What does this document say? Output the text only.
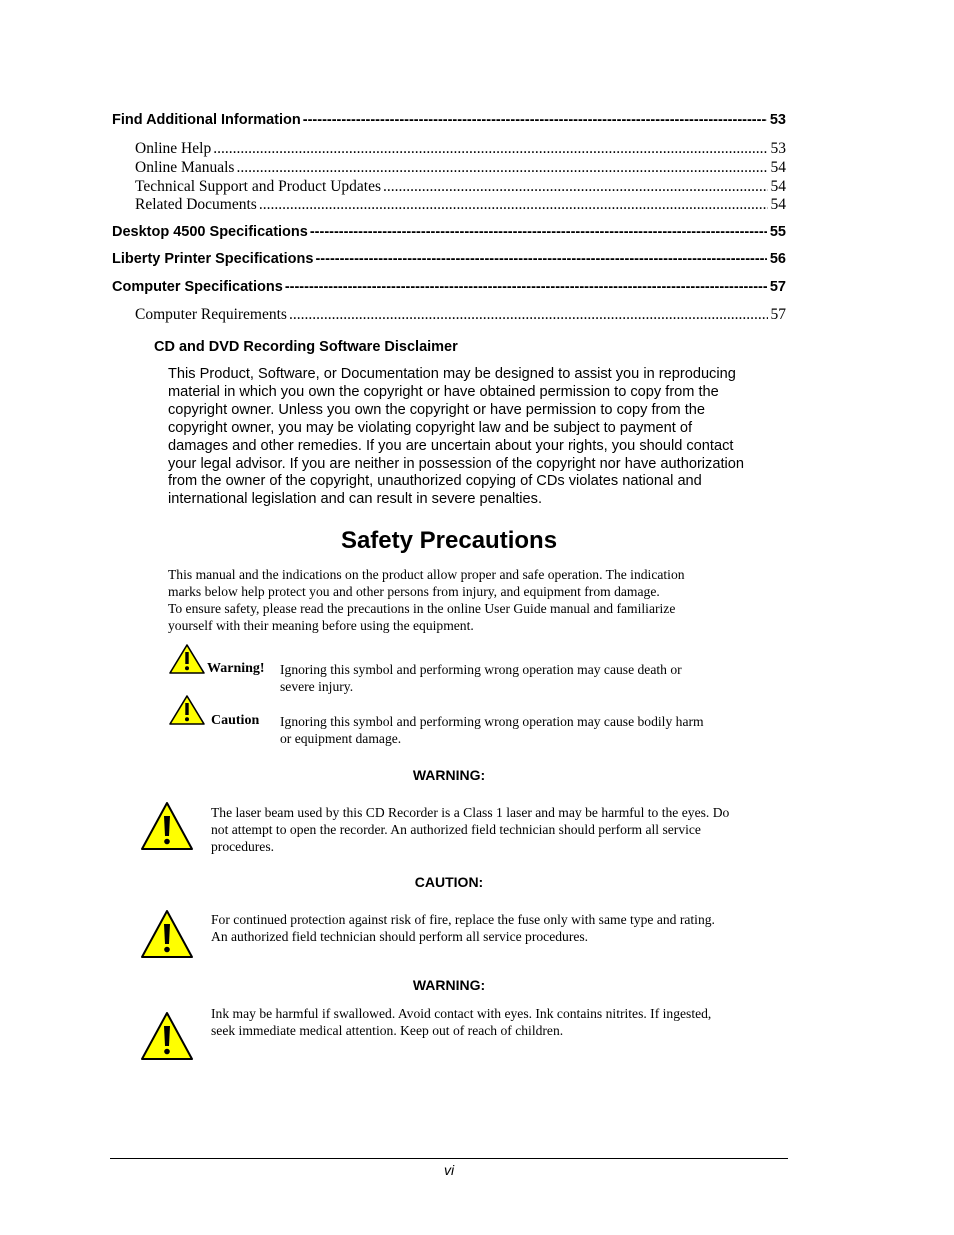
Find Additional Information -----	53
Online Help .....	53
Online Manuals .....	54
Technical Support and Product Updates .....	54
Related Documents .....	54
Desktop 4500 Specifications -----	55
Liberty Printer Specifications -----	56
Computer Specifications -----	57
Computer Requirements .....	57
CD and DVD Recording Software Disclaimer
This Product, Software, or Documentation may be designed to assist you in reproducing
material in which you own the copyright or have obtained permission to copy from the
copyright owner. Unless you own the copyright or have permission to copy from the
copyright owner, you may be violating copyright law and be subject to payment of
damages and other remedies. If you are uncertain about your rights, you should contact
your legal advisor. If you are neither in possession of the copyright nor have authorization
from the owner of the copyright, unauthorized copying of CDs violates national and
international legislation and can result in severe penalties.
Safety Precautions
This manual and the indications on the product allow proper and safe operation. The indication
marks below help protect you and other persons from injury, and equipment from damage.
To ensure safety, please read the precautions in the online User Guide manual and familiarize
yourself with their meaning before using the equipment.
Warning! Ignoring this symbol and performing wrong operation may cause death or
severe injury.
Caution Ignoring this symbol and performing wrong operation may cause bodily harm
or equipment damage.
WARNING:
The laser beam used by this CD Recorder is a Class 1 laser and may be harmful to the eyes. Do
not attempt to open the recorder. An authorized field technician should perform all service
procedures.
CAUTION:
For continued protection against risk of fire, replace the fuse only with same type and rating.
An authorized field technician should perform all service procedures.
WARNING:
Ink may be harmful if swallowed. Avoid contact with eyes. Ink contains nitrites. If ingested,
seek immediate medical attention. Keep out of reach of children.
vi
